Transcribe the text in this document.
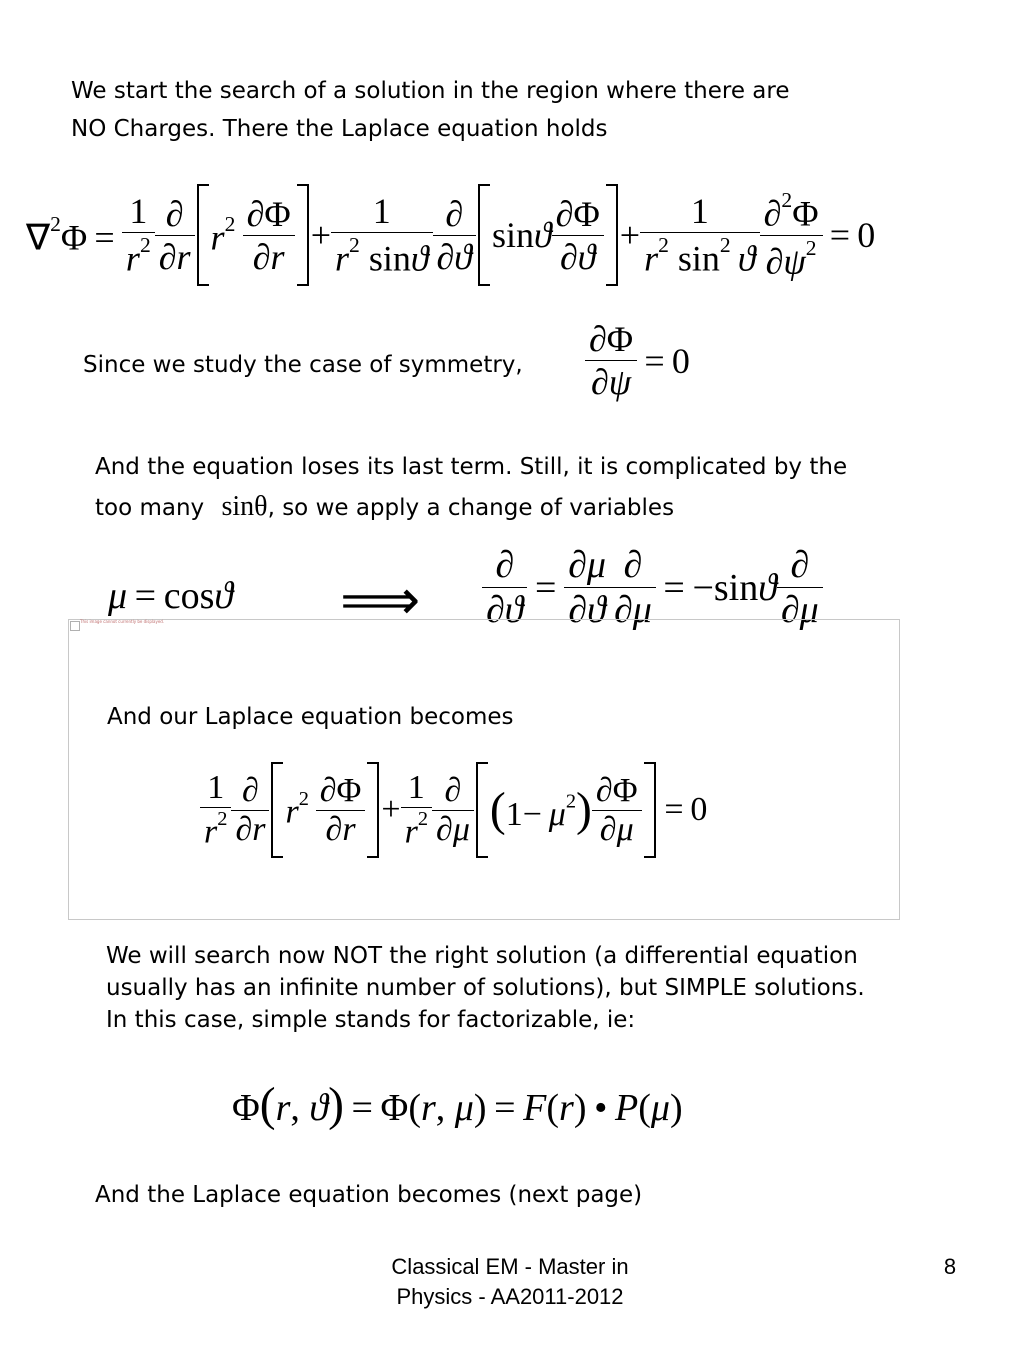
We start the search of a solution in the region where there are
NO Charges. There the Laplace equation holds
$\nabla^2\Phi = \frac{1}{r^2} \frac{\partial}{\partial r} r^2 \frac{\partial\Phi}{\partial r} + \frac{1}{r^2 \sin ϑ} \frac{\partial}{\partial ϑ}$ sinϑ $\frac{\partial\Phi}{\partial ϑ} + \frac{1}{r^2 \sin^2 ϑ} \frac{\partial^2\Phi}{\partial\psi^2} = 0$
Since we study the case of symmetry, $\frac{\partial\Phi}{\partial\psi} = 0$
And the equation loses its last term. Still, it is complicated by the
too many sinθ, so we apply a change of variables
μ = cosϑ ⟹ $\frac{\partial}{\partial ϑ} = \frac{\partial\mu}{\partial ϑ} \frac{\partial}{\partial\mu} = -\sin ϑ \frac{\partial}{\partial\mu}$
This image cannot currently be displayed.
And our Laplace equation becomes
$\frac{1}{r^2} \frac{\partial}{\partial r} r^2 \frac{\partial\Phi}{\partial r} + \frac{1}{r^2} \frac{\partial}{\partial\mu} (1- \mu^2) \frac{\partial\Phi}{\partial\mu} = 0$
We will search now NOT the right solution (a differential equation
usually has an infinite number of solutions), but SIMPLE solutions.
In this case, simple stands for factorizable, ie:
Φ(r, ϑ) = Φ(r, μ) = F(r) • P(μ)
And the Laplace equation becomes (next page)
Classical EM - Master in
Physics - AA2011-2012
8
